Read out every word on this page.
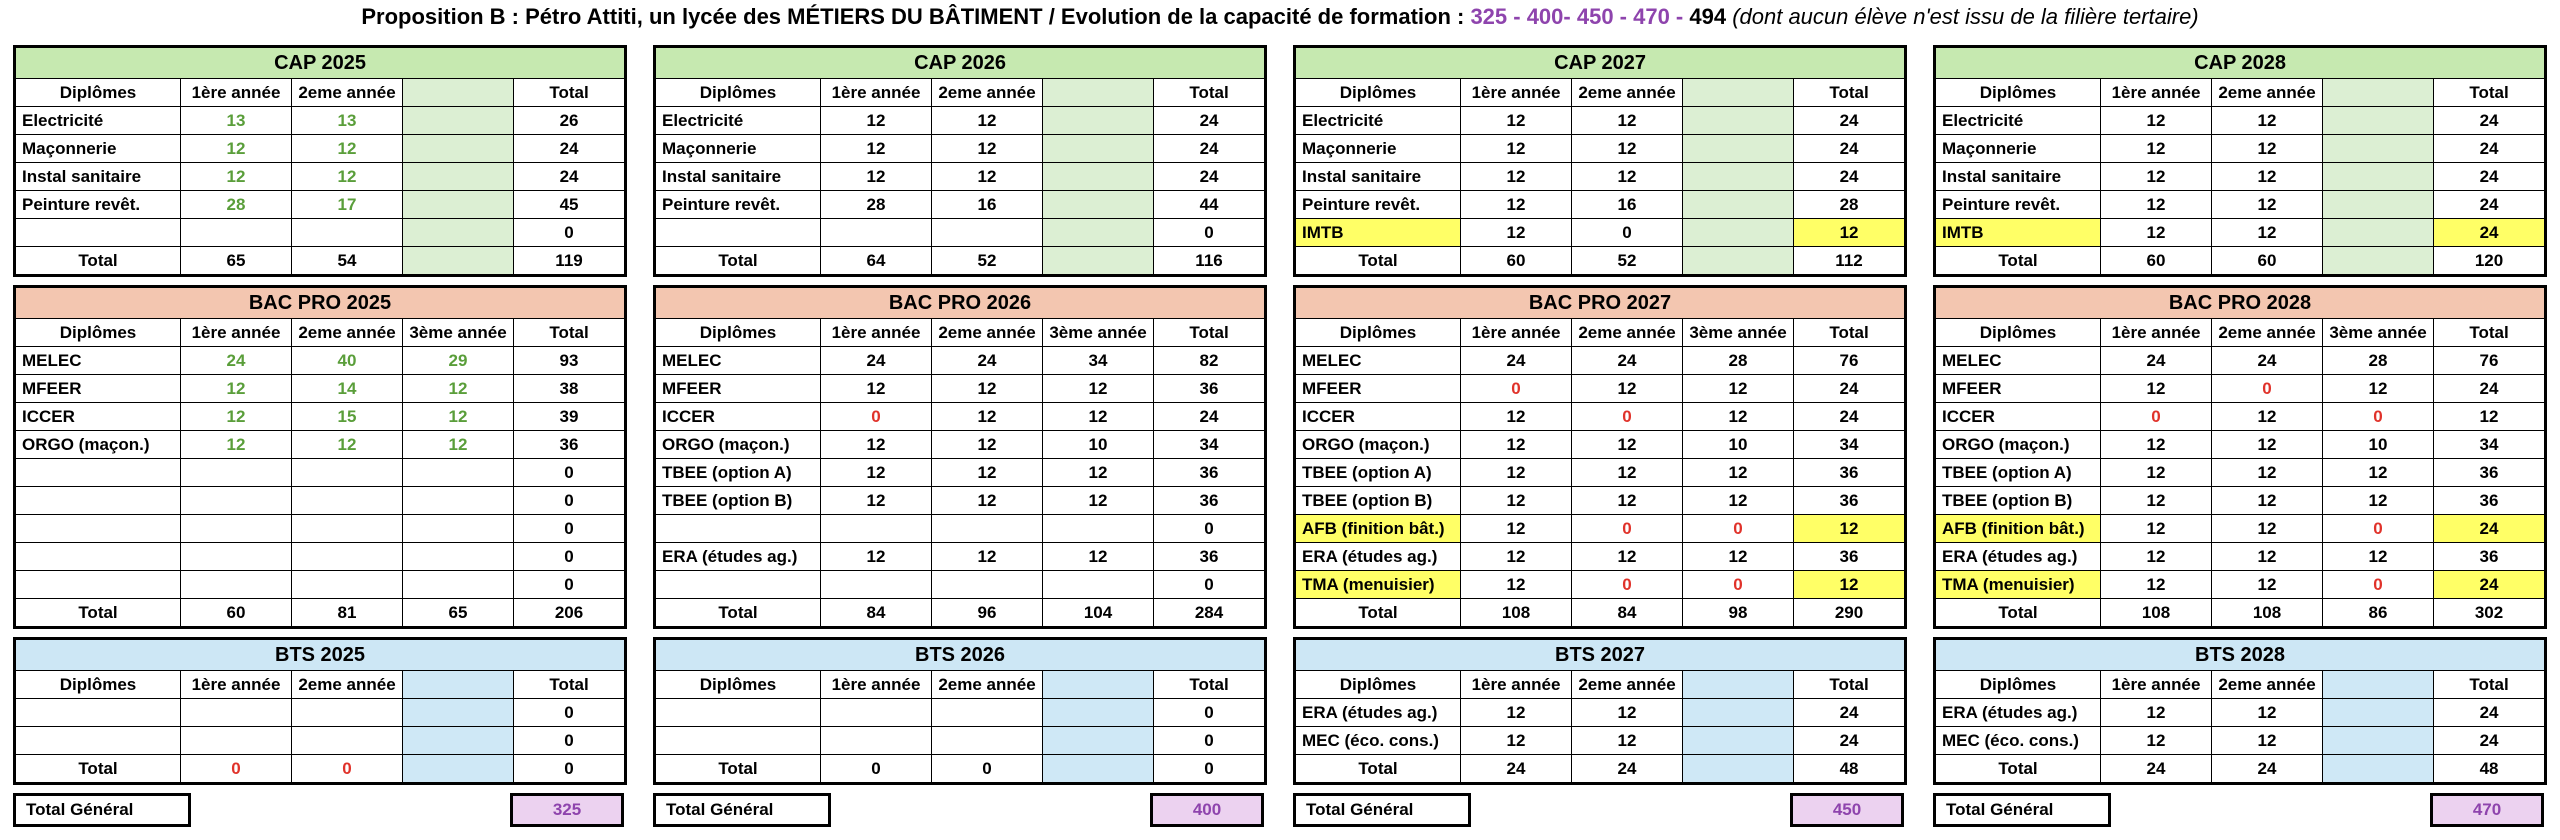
Proposition B : Pétro Attiti, un lycée des MÉTIERS DU BÂTIMENT / Evolution de la capacité de formation : 325 - 400- 450 - 470 - 494 (dont aucun élève n'est issu de la filière tertaire)
CAP 2025				
Diplômes	1ère année	2eme année		Total
Electricité	13	13		26
Maçonnerie	12	12		24
Instal sanitaire	12	12		24
Peinture revêt.	28	17		45
				0
Total	65	54		119
BAC PRO 2025				
Diplômes	1ère année	2eme année	3ème année	Total
MELEC	24	40	29	93
MFEER	12	14	12	38
ICCER	12	15	12	39
ORGO (maçon.)	12	12	12	36
				0
				0
				0
				0
				0
Total	60	81	65	206
BTS 2025				
Diplômes	1ère année	2eme année		Total
				0
				0
Total	0	0		0
Total Général	325
CAP 2026				
Diplômes	1ère année	2eme année		Total
Electricité	12	12		24
Maçonnerie	12	12		24
Instal sanitaire	12	12		24
Peinture revêt.	28	16		44
				0
Total	64	52		116
BAC PRO 2026				
Diplômes	1ère année	2eme année	3ème année	Total
MELEC	24	24	34	82
MFEER	12	12	12	36
ICCER	0	12	12	24
ORGO (maçon.)	12	12	10	34
TBEE (option A)	12	12	12	36
TBEE (option B)	12	12	12	36
				0
ERA (études ag.)	12	12	12	36
				0
Total	84	96	104	284
BTS 2026				
Diplômes	1ère année	2eme année		Total
				0
				0
Total	0	0		0
Total Général	400
CAP 2027				
Diplômes	1ère année	2eme année		Total
Electricité	12	12		24
Maçonnerie	12	12		24
Instal sanitaire	12	12		24
Peinture revêt.	12	16		28
IMTB	12	0		12
Total	60	52		112
BAC PRO 2027				
Diplômes	1ère année	2eme année	3ème année	Total
MELEC	24	24	28	76
MFEER	0	12	12	24
ICCER	12	0	12	24
ORGO (maçon.)	12	12	10	34
TBEE (option A)	12	12	12	36
TBEE (option B)	12	12	12	36
AFB (finition bât.)	12	0	0	12
ERA (études ag.)	12	12	12	36
TMA (menuisier)	12	0	0	12
Total	108	84	98	290
BTS 2027				
Diplômes	1ère année	2eme année		Total
ERA (études ag.)	12	12		24
MEC (éco. cons.)	12	12		24
Total	24	24		48
Total Général	450
CAP 2028				
Diplômes	1ère année	2eme année		Total
Electricité	12	12		24
Maçonnerie	12	12		24
Instal sanitaire	12	12		24
Peinture revêt.	12	12		24
IMTB	12	12		24
Total	60	60		120
BAC PRO 2028				
Diplômes	1ère année	2eme année	3ème année	Total
MELEC	24	24	28	76
MFEER	12	0	12	24
ICCER	0	12	0	12
ORGO (maçon.)	12	12	10	34
TBEE (option A)	12	12	12	36
TBEE (option B)	12	12	12	36
AFB (finition bât.)	12	12	0	24
ERA (études ag.)	12	12	12	36
TMA (menuisier)	12	12	0	24
Total	108	108	86	302
BTS 2028				
Diplômes	1ère année	2eme année		Total
ERA (études ag.)	12	12		24
MEC (éco. cons.)	12	12		24
Total	24	24		48
Total Général	470
